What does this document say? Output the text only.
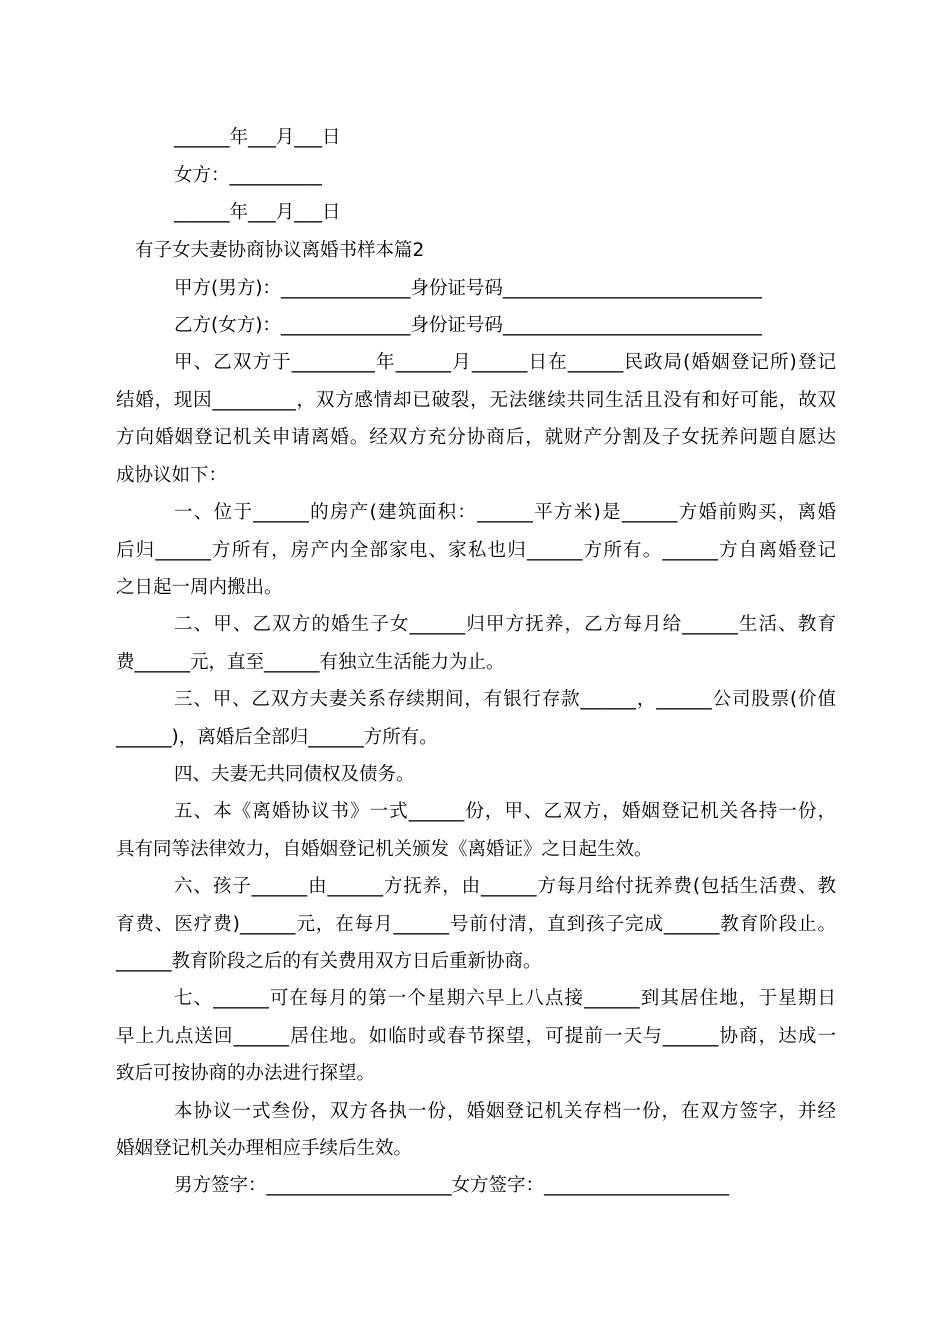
______年___月___日
女方：__________
______年___月___日
有子女夫妻协商协议离婚书样本篇2
甲方(男方)：______________身份证号码____________________________
乙方(女方)：______________身份证号码____________________________
甲、乙双方于_________年______月______日在______民政局(婚姻登记所)登记
结婚，现因_________，双方感情却已破裂，无法继续共同生活且没有和好可能，故双
方向婚姻登记机关申请离婚。经双方充分协商后，就财产分割及子女抚养问题自愿达
成协议如下：
一、位于______的房产(建筑面积：______平方米)是______方婚前购买，离婚
后归______方所有，房产内全部家电、家私也归______方所有。______方自离婚登记
之日起一周内搬出。
二、甲、乙双方的婚生子女______归甲方抚养，乙方每月给______生活、教育
费______元，直至______有独立生活能力为止。
三、甲、乙双方夫妻关系存续期间，有银行存款______，______公司股票(价值
______)，离婚后全部归______方所有。
四、夫妻无共同债权及债务。
五、本《离婚协议书》一式______份，甲、乙双方，婚姻登记机关各持一份，
具有同等法律效力，自婚姻登记机关颁发《离婚证》之日起生效。
六、孩子______由______方抚养，由______方每月给付抚养费(包括生活费、教
育费、医疗费)______元，在每月______号前付清，直到孩子完成______教育阶段止。
______教育阶段之后的有关费用双方日后重新协商。
七、______可在每月的第一个星期六早上八点接______到其居住地，于星期日
早上九点送回______居住地。如临时或春节探望，可提前一天与______协商，达成一
致后可按协商的办法进行探望。
本协议一式叁份，双方各执一份，婚姻登记机关存档一份，在双方签字，并经
婚姻登记机关办理相应手续后生效。
男方签字：____________________女方签字：____________________
